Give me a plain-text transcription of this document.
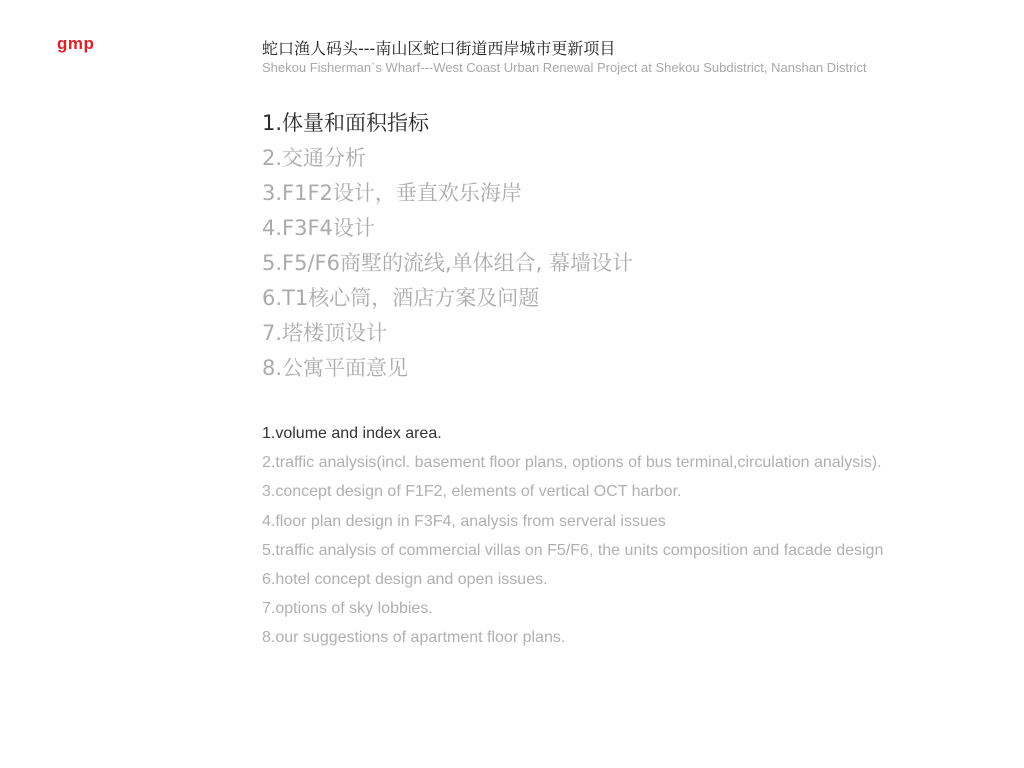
gmp	蛇口渔人码头---南山区蛇口街道西岸城市更新项目
Shekou Fisherman`s Wharf---West Coast Urban Renewal Project at Shekou Subdistrict, Nanshan District
1.体量和面积指标
2.交通分析
3.F1F2设计，垂直欢乐海岸
4.F3F4设计
5.F5/F6商墅的流线,单体组合, 幕墙设计
6.T1核心筒，酒店方案及问题
7.塔楼顶设计
8.公寓平面意见
1.volume and index area.
2.traffic analysis(incl. basement floor plans, options of bus terminal,circulation analysis).
3.concept design of F1F2, elements of vertical OCT harbor.
4.floor plan design in F3F4, analysis from serveral issues
5.traffic analysis of commercial villas on F5/F6, the units composition and facade design
6.hotel concept design and open issues.
7.options of sky lobbies.
8.our suggestions of apartment floor plans.
